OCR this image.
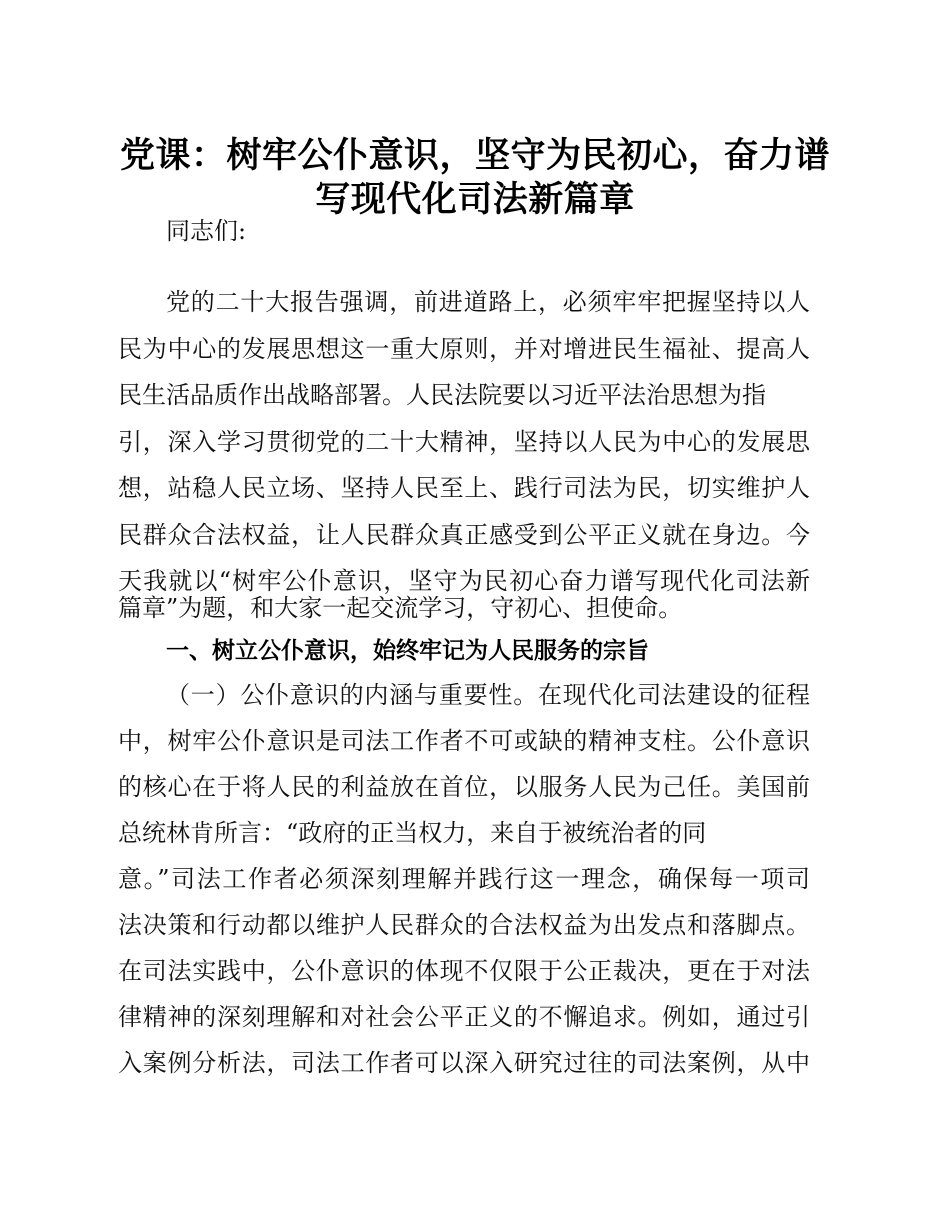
党课：树牢公仆意识，坚守为民初心，奋力谱
写现代化司法新篇章
同志们:
党的二十大报告强调，前进道路上，必须牢牢把握坚持以人
民为中心的发展思想这一重大原则，并对增进民生福祉、提高人
民生活品质作出战略部署。人民法院要以习近平法治思想为指
引，深入学习贯彻党的二十大精神，坚持以人民为中心的发展思
想，站稳人民立场、坚持人民至上、践行司法为民，切实维护人
民群众合法权益，让人民群众真正感受到公平正义就在身边。今
天我就以“树牢公仆意识，坚守为民初心奋力谱写现代化司法新
篇章”为题，和大家一起交流学习，守初心、担使命。
一、树立公仆意识，始终牢记为人民服务的宗旨
（一）公仆意识的内涵与重要性。在现代化司法建设的征程
中，树牢公仆意识是司法工作者不可或缺的精神支柱。公仆意识
的核心在于将人民的利益放在首位，以服务人民为己任。美国前
总统林肯所言：“政府的正当权力，来自于被统治者的同
意。”司法工作者必须深刻理解并践行这一理念，确保每一项司
法决策和行动都以维护人民群众的合法权益为出发点和落脚点。
在司法实践中，公仆意识的体现不仅限于公正裁决，更在于对法
律精神的深刻理解和对社会公平正义的不懈追求。例如，通过引
入案例分析法，司法工作者可以深入研究过往的司法案例，从中
